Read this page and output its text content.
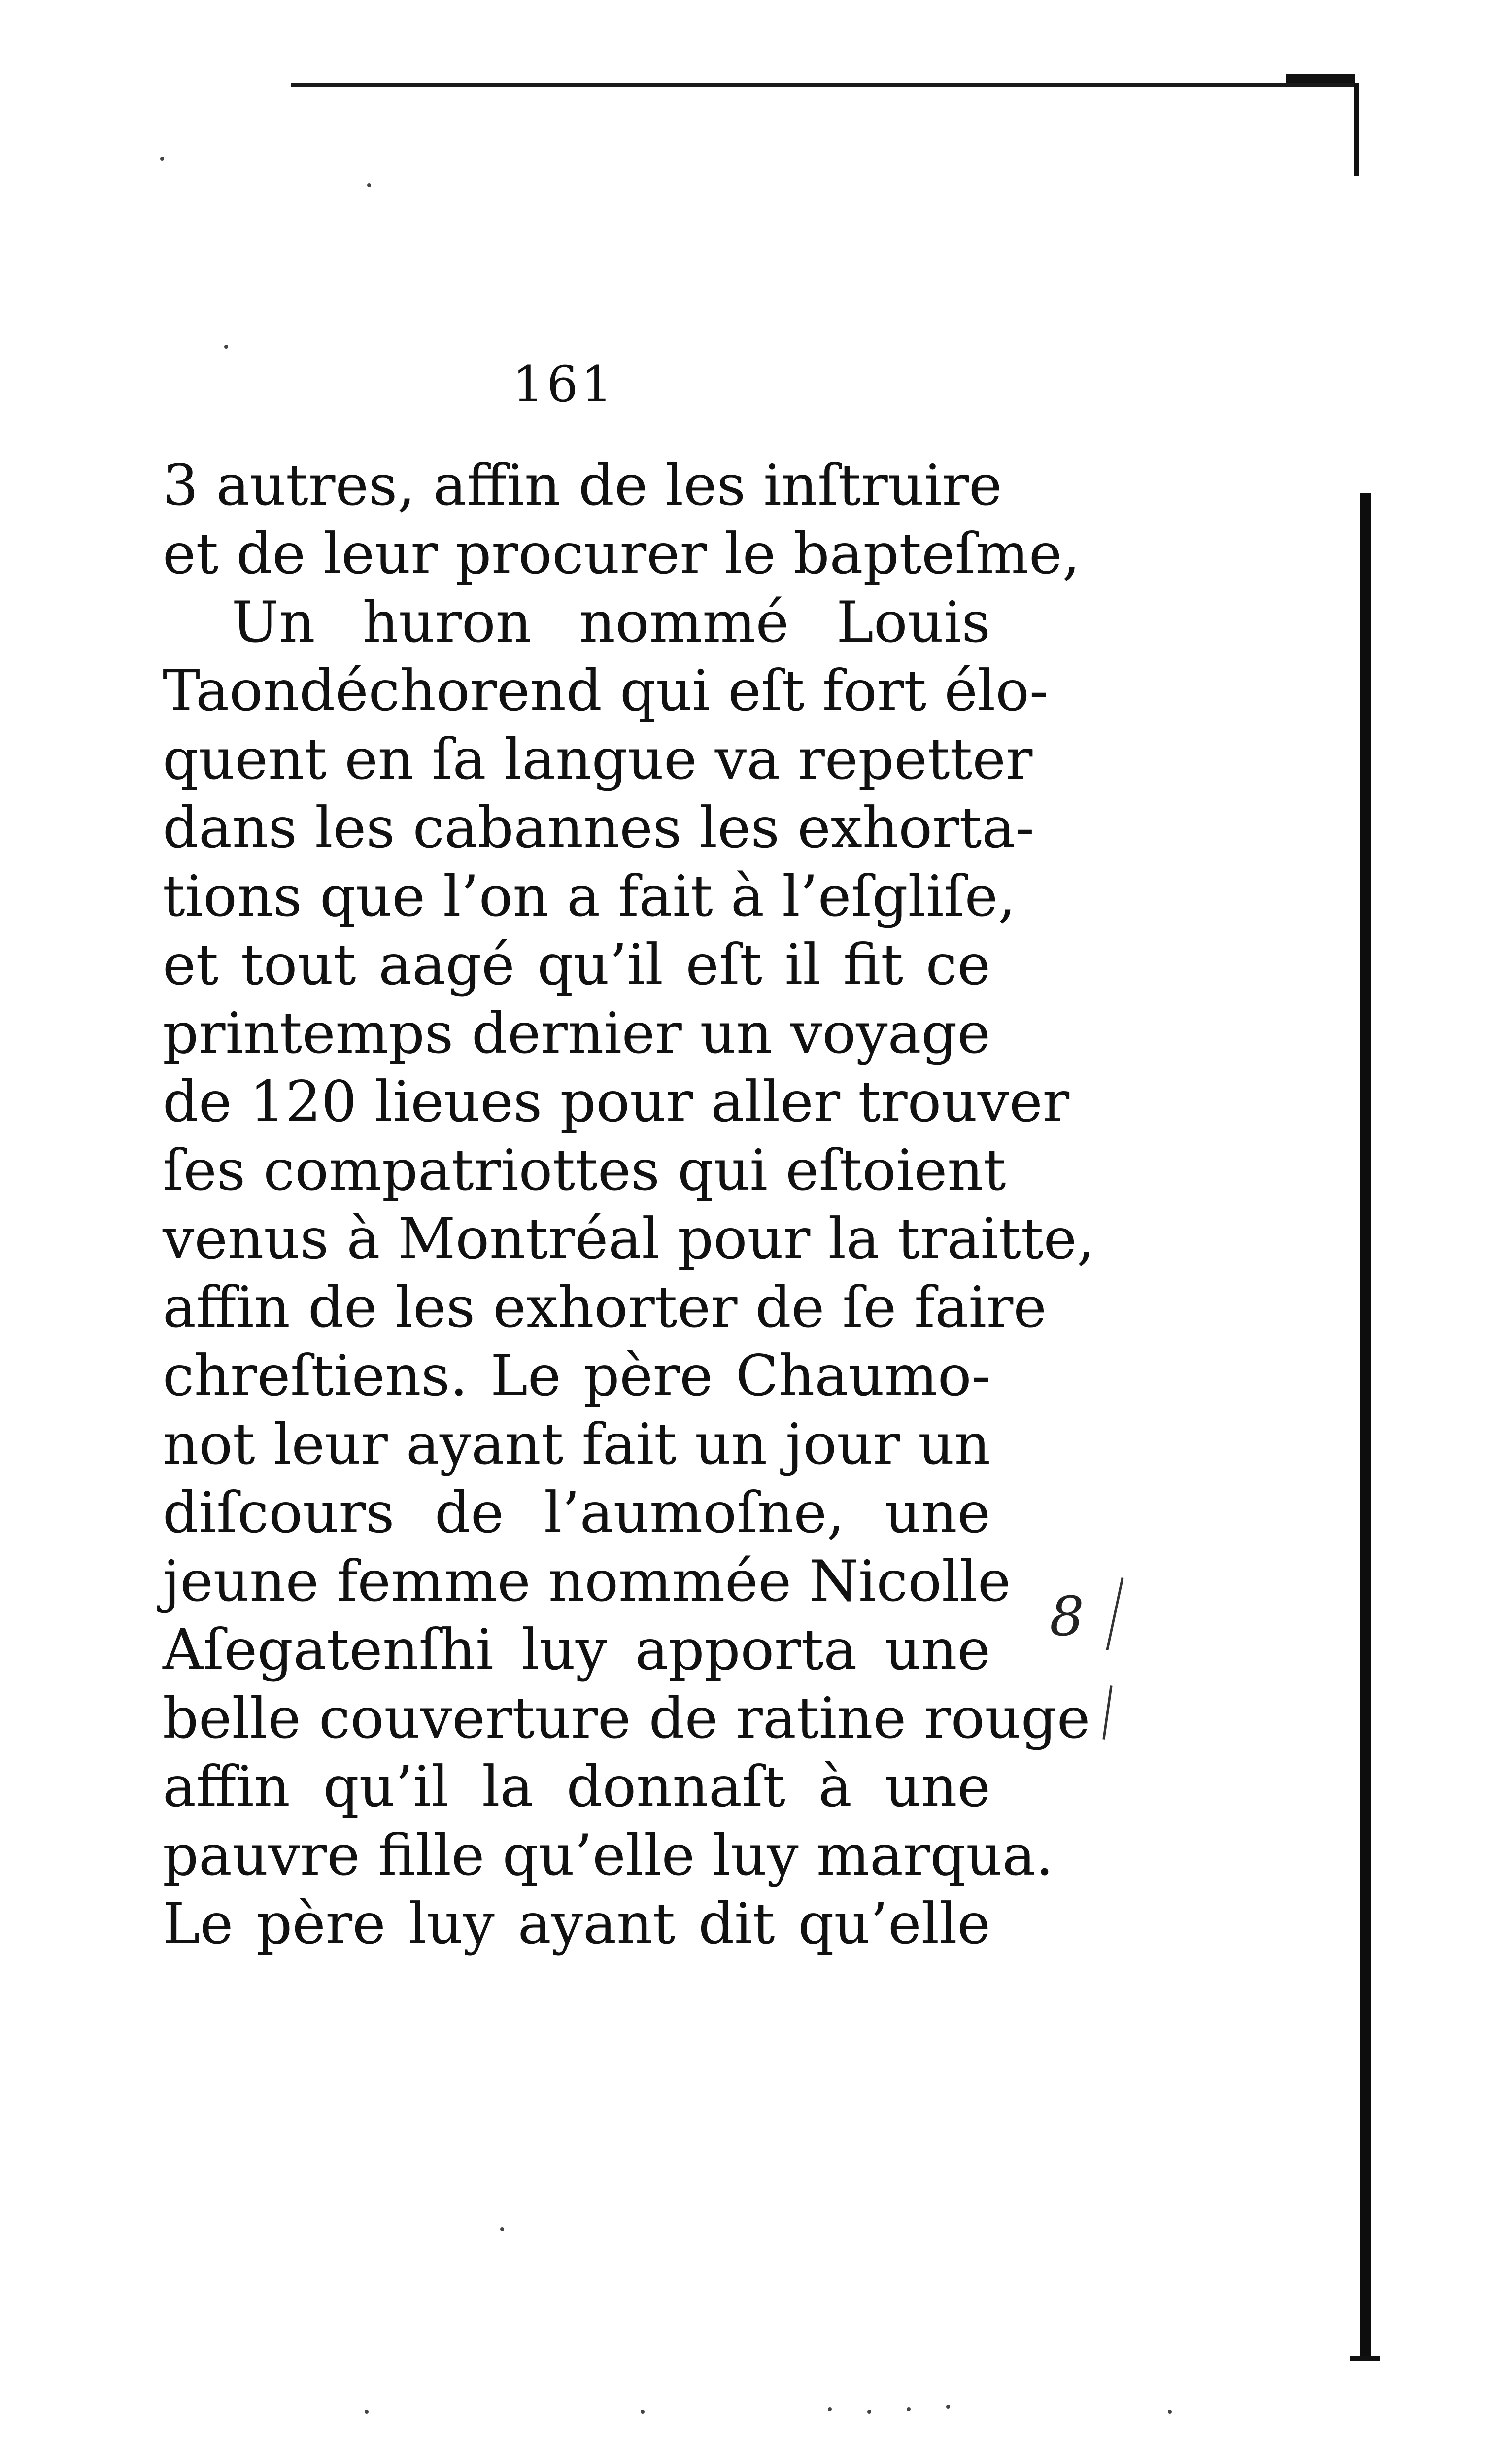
161
3 autres, affin de les inſtruire
et de leur procurer le bapteſme,
Un huron nommé Louis
Taondéchorend qui eſt fort élo-
quent en ſa langue va repetter
dans les cabannes les exhorta-
tions que l’on a fait à l’eſgliſe,
et tout aagé qu’il eſt il fit ce
printemps dernier un voyage
de 120 lieues pour aller trouver
ſes compatriottes qui eſtoient
venus à Montréal pour la traitte,
affin de les exhorter de ſe faire
chreſtiens. Le père Chaumo-
not leur ayant fait un jour un
diſcours de l’aumoſne, une
jeune femme nommée Nicolle
Aſegatenſhi luy apporta une
belle couverture de ratine rouge
affin qu’il la donnaſt à une
pauvre fille qu’elle luy marqua.
Le père luy ayant dit qu’elle
8
